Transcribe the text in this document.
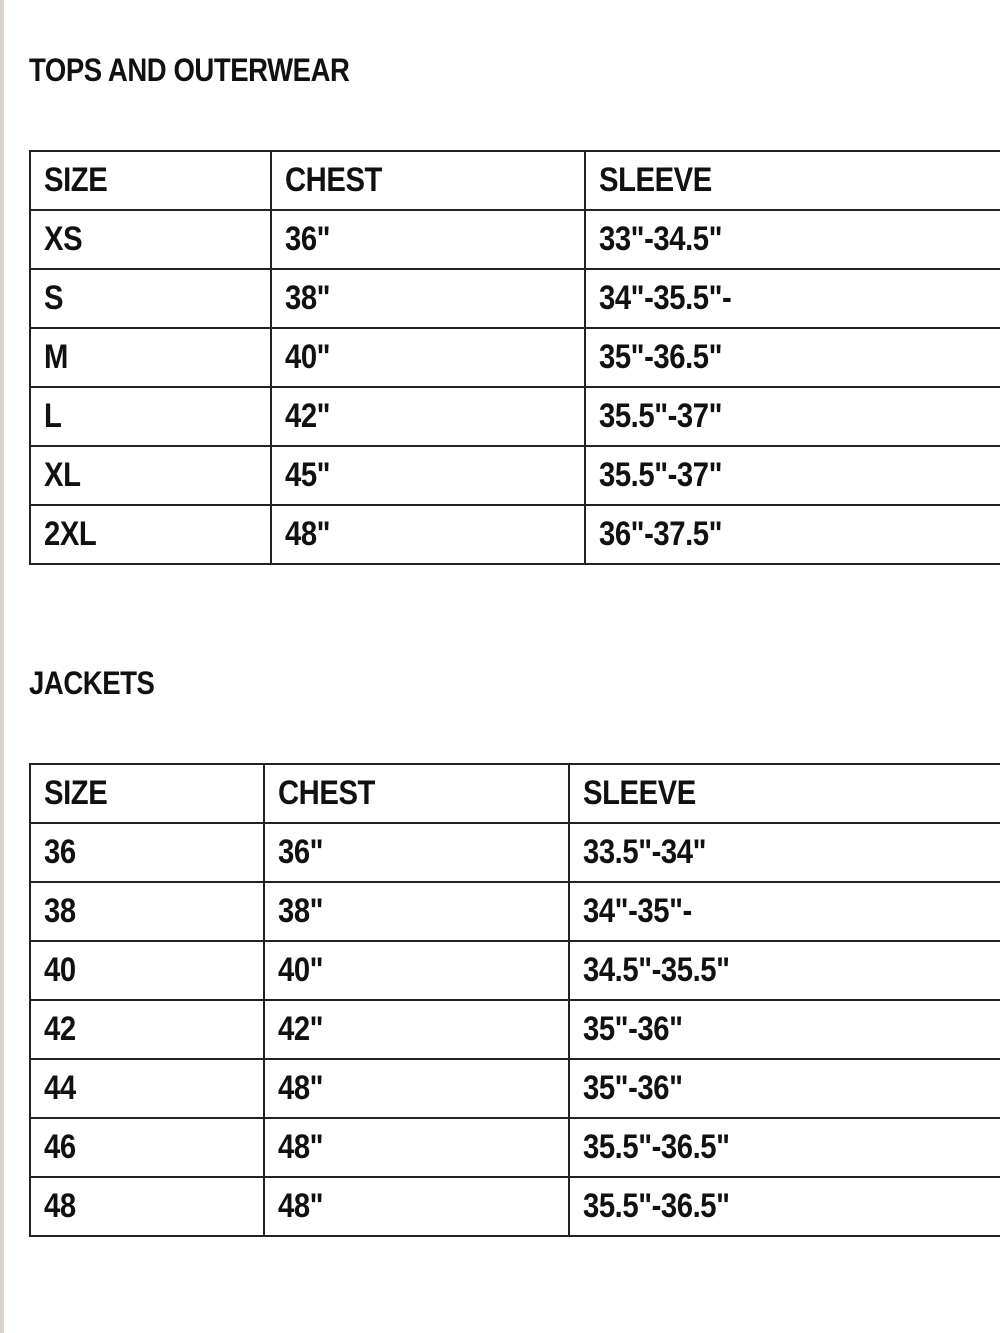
TOPS AND OUTERWEAR
SIZE	CHEST	SLEEVE
XS	36"	33"-34.5"
S	38"	34"-35.5"-
M	40"	35"-36.5"
L	42"	35.5"-37"
XL	45"	35.5"-37"
2XL	48"	36"-37.5"
JACKETS
SIZE	CHEST	SLEEVE
36	36"	33.5"-34"
38	38"	34"-35"-
40	40"	34.5"-35.5"
42	42"	35"-36"
44	48"	35"-36"
46	48"	35.5"-36.5"
48	48"	35.5"-36.5"
